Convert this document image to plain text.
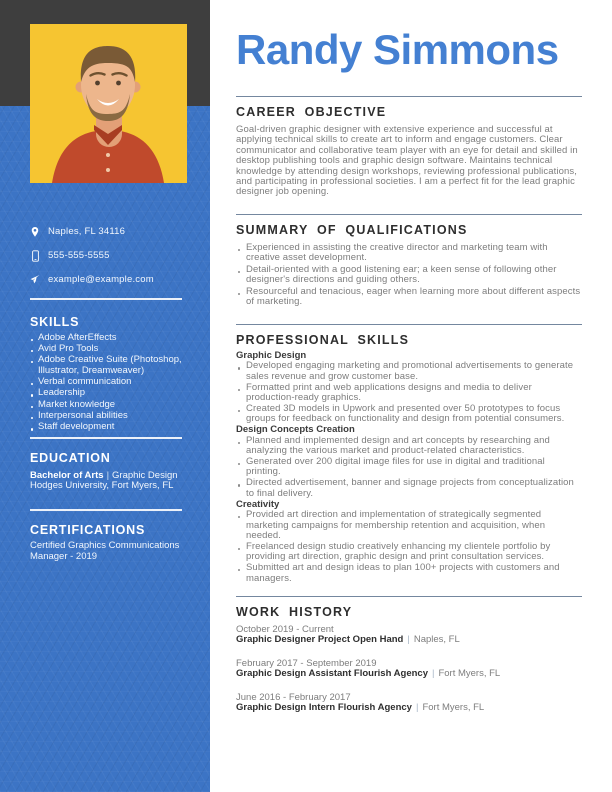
Naples, FL 34116
555-555-5555
example@example.com
SKILLS
Adobe AfterEffects
Avid Pro Tools
Adobe Creative Suite (Photoshop, Illustrator, Dreamweaver)
Verbal communication
Leadership
Market knowledge
Interpersonal abilities
Staff development
EDUCATION

Bachelor of Arts | Graphic Design

Hodges University, Fort Myers, FL

CERTIFICATIONS

Certified Graphics Communications Manager - 2019

Randy Simmons
CAREER OBJECTIVE

Goal-driven graphic designer with extensive experience and successful at applying technical skills to create art to inform and engage customers. Clear communicator and collaborative team player with an eye for detail and skilled in desktop publishing tools and graphic design software. Maintains technical knowledge by attending design workshops, reviewing professional publications, and participating in professional societies. I am a perfect fit for the lead graphic designer job opening.

SUMMARY OF QUALIFICATIONS
Experienced in assisting the creative director and marketing team with creative asset development.
Detail-oriented with a good listening ear; a keen sense of following other designer's directions and guiding others.
Resourceful and tenacious, eager when learning more about different aspects of marketing.
PROFESSIONAL SKILLS

Graphic Design

Developed engaging marketing and promotional advertisements to generate sales revenue and grow customer base.
Formatted print and web applications designs and media to deliver production-ready graphics.
Created 3D models in Upwork and presented over 50 prototypes to focus groups for feedback on functionality and design from potential consumers.

Design Concepts Creation

Planned and implemented design and art concepts by researching and analyzing the various market and product-related characteristics.
Generated over 200 digital image files for use in digital and traditional printing.
Directed advertisement, banner and signage projects from conceptualization to final delivery.

Creativity

Provided art direction and implementation of strategically segmented marketing campaigns for membership retention and acquisition, when needed.
Freelanced design studio creatively enhancing my clientele portfolio by providing art direction, graphic design and print consultation services.
Submitted art and design ideas to plan 100+ projects with customers and managers.
WORK HISTORY

October 2019 - Current

Graphic Designer Project Open Hand | Naples, FL

February 2017 - September 2019

Graphic Design Assistant Flourish Agency | Fort Myers, FL

June 2016 - February 2017

Graphic Design Intern Flourish Agency | Fort Myers, FL
